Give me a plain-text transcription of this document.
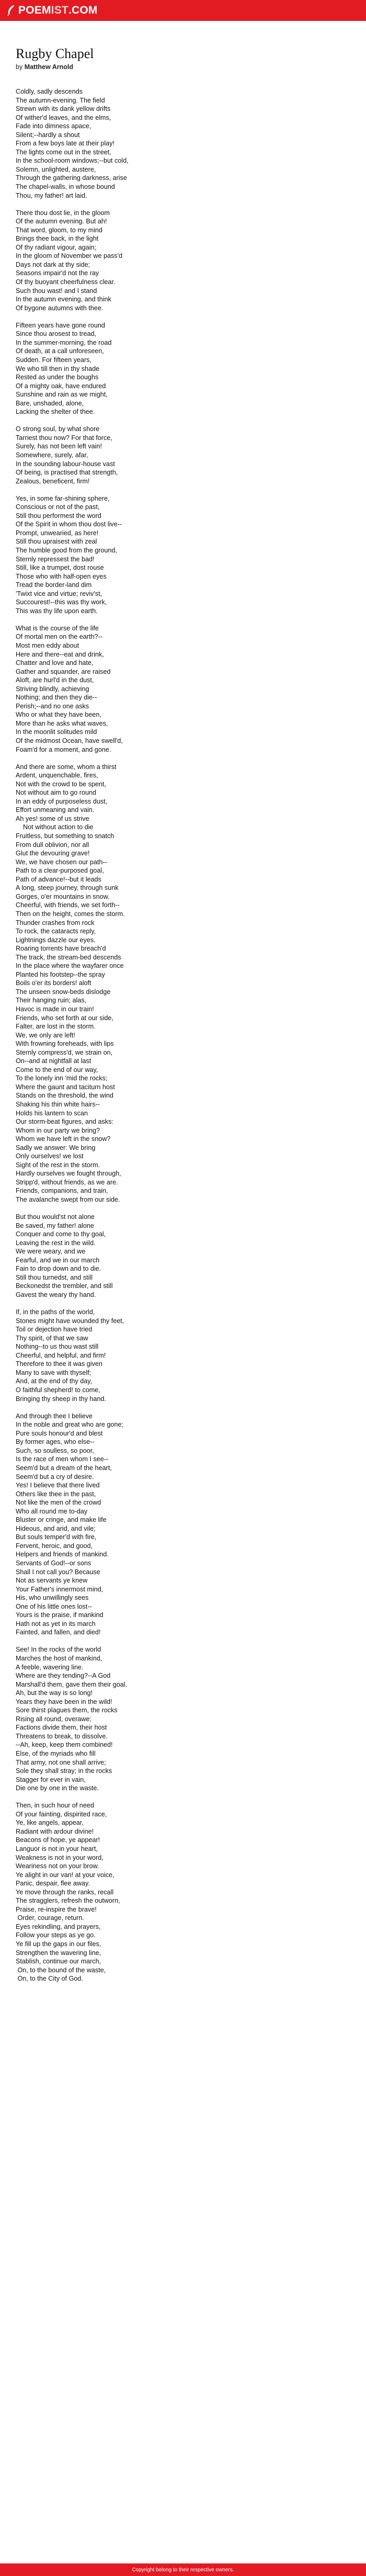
POEM IST .COM
Rugby Chapel
by Matthew Arnold
Coldly, sadly descends
The autumn-evening. The field
Strewn with its dank yellow drifts
Of wither'd leaves, and the elms,
Fade into dimness apace,
Silent;--hardly a shout
From a few boys late at their play!
The lights come out in the street,
In the school-room windows;--but cold,
Solemn, unlighted, austere,
Through the gathering darkness, arise
The chapel-walls, in whose bound
Thou, my father! art laid.
There thou dost lie, in the gloom
Of the autumn evening. But ah!
That word, gloom, to my mind
Brings thee back, in the light
Of thy radiant vigour, again;
In the gloom of November we pass'd
Days not dark at thy side;
Seasons impair'd not the ray
Of thy buoyant cheerfulness clear.
Such thou wast! and I stand
In the autumn evening, and think
Of bygone autumns with thee.
Fifteen years have gone round
Since thou arosest to tread,
In the summer-morning, the road
Of death, at a call unforeseen,
Sudden. For fifteen years,
We who till then in thy shade
Rested as under the boughs
Of a mighty oak, have endured
Sunshine and rain as we might,
Bare, unshaded, alone,
Lacking the shelter of thee.
O strong soul, by what shore
Tarriest thou now? For that force,
Surely, has not been left vain!
Somewhere, surely, afar,
In the sounding labour-house vast
Of being, is practised that strength,
Zealous, beneficent, firm!
Yes, in some far-shining sphere,
Conscious or not of the past,
Still thou performest the word
Of the Spirit in whom thou dost live--
Prompt, unwearied, as here!
Still thou upraisest with zeal
The humble good from the ground,
Sternly repressest the bad!
Still, like a trumpet, dost rouse
Those who with half-open eyes
Tread the border-land dim
'Twixt vice and virtue; reviv'st,
Succourest!--this was thy work,
This was thy life upon earth.
What is the course of the life
Of mortal men on the earth?--
Most men eddy about
Here and there--eat and drink,
Chatter and love and hate,
Gather and squander, are raised
Aloft, are hurl'd in the dust,
Striving blindly, achieving
Nothing; and then they die--
Perish;--and no one asks
Who or what they have been,
More than he asks what waves,
In the moonlit solitudes mild
Of the midmost Ocean, have swell'd,
Foam'd for a moment, and gone.
And there are some, whom a thirst
Ardent, unquenchable, fires,
Not with the crowd to be spent,
Not without aim to go round
In an eddy of purposeless dust,
Effort unmeaning and vain.
Ah yes! some of us strive
Not without action to die
Fruitless, but something to snatch
From dull oblivion, nor all
Glut the devouring grave!
We, we have chosen our path--
Path to a clear-purposed goal,
Path of advance!--but it leads
A long, steep journey, through sunk
Gorges, o'er mountains in snow.
Cheerful, with friends, we set forth--
Then on the height, comes the storm.
Thunder crashes from rock
To rock, the cataracts reply,
Lightnings dazzle our eyes.
Roaring torrents have breach'd
The track, the stream-bed descends
In the place where the wayfarer once
Planted his footstep--the spray
Boils o'er its borders! aloft
The unseen snow-beds dislodge
Their hanging ruin; alas,
Havoc is made in our train!
Friends, who set forth at our side,
Falter, are lost in the storm.
We, we only are left!
With frowning foreheads, with lips
Sternly compress'd, we strain on,
On--and at nightfall at last
Come to the end of our way,
To the lonely inn 'mid the rocks;
Where the gaunt and taciturn host
Stands on the threshold, the wind
Shaking his thin white hairs--
Holds his lantern to scan
Our storm-beat figures, and asks:
Whom in our party we bring?
Whom we have left in the snow?
Sadly we answer: We bring
Only ourselves! we lost
Sight of the rest in the storm.
Hardly ourselves we fought through,
Stripp'd, without friends, as we are.
Friends, companions, and train,
The avalanche swept from our side.
But thou would'st not alone
Be saved, my father! alone
Conquer and come to thy goal,
Leaving the rest in the wild.
We were weary, and we
Fearful, and we in our march
Fain to drop down and to die.
Still thou turnedst, and still
Beckonedst the trembler, and still
Gavest the weary thy hand.
If, in the paths of the world,
Stones might have wounded thy feet,
Toil or dejection have tried
Thy spirit, of that we saw
Nothing--to us thou wast still
Cheerful, and helpful, and firm!
Therefore to thee it was given
Many to save with thyself;
And, at the end of thy day,
O faithful shepherd! to come,
Bringing thy sheep in thy hand.
And through thee I believe
In the noble and great who are gone;
Pure souls honour'd and blest
By former ages, who else--
Such, so soulless, so poor,
Is the race of men whom I see--
Seem'd but a dream of the heart,
Seem'd but a cry of desire.
Yes! I believe that there lived
Others like thee in the past,
Not like the men of the crowd
Who all round me to-day
Bluster or cringe, and make life
Hideous, and arid, and vile;
But souls temper'd with fire,
Fervent, heroic, and good,
Helpers and friends of mankind.
Servants of God!--or sons
Shall I not call you? Because
Not as servants ye knew
Your Father's innermost mind,
His, who unwillingly sees
One of his little ones lost--
Yours is the praise, if mankind
Hath not as yet in its march
Fainted, and fallen, and died!
See! In the rocks of the world
Marches the host of mankind,
A feeble, wavering line.
Where are they tending?--A God
Marshall'd them, gave them their goal.
Ah, but the way is so long!
Years they have been in the wild!
Sore thirst plagues them, the rocks
Rising all round, overawe;
Factions divide them, their host
Threatens to break, to dissolve.
--Ah, keep, keep them combined!
Else, of the myriads who fill
That army, not one shall arrive;
Sole they shall stray; in the rocks
Stagger for ever in vain,
Die one by one in the waste.
Then, in such hour of need
Of your fainting, dispirited race,
Ye, like angels, appear,
Radiant with ardour divine!
Beacons of hope, ye appear!
Languor is not in your heart,
Weakness is not in your word,
Weariness not on your brow.
Ye alight in our van! at your voice,
Panic, despair, flee away.
Ye move through the ranks, recall
The stragglers, refresh the outworn,
Praise, re-inspire the brave!
Order, courage, return.
Eyes rekindling, and prayers,
Follow your steps as ye go.
Ye fill up the gaps in our files,
Strengthen the wavering line,
Stablish, continue our march,
On, to the bound of the waste,
On, to the City of God.
Copyright belong to their respective owners.
